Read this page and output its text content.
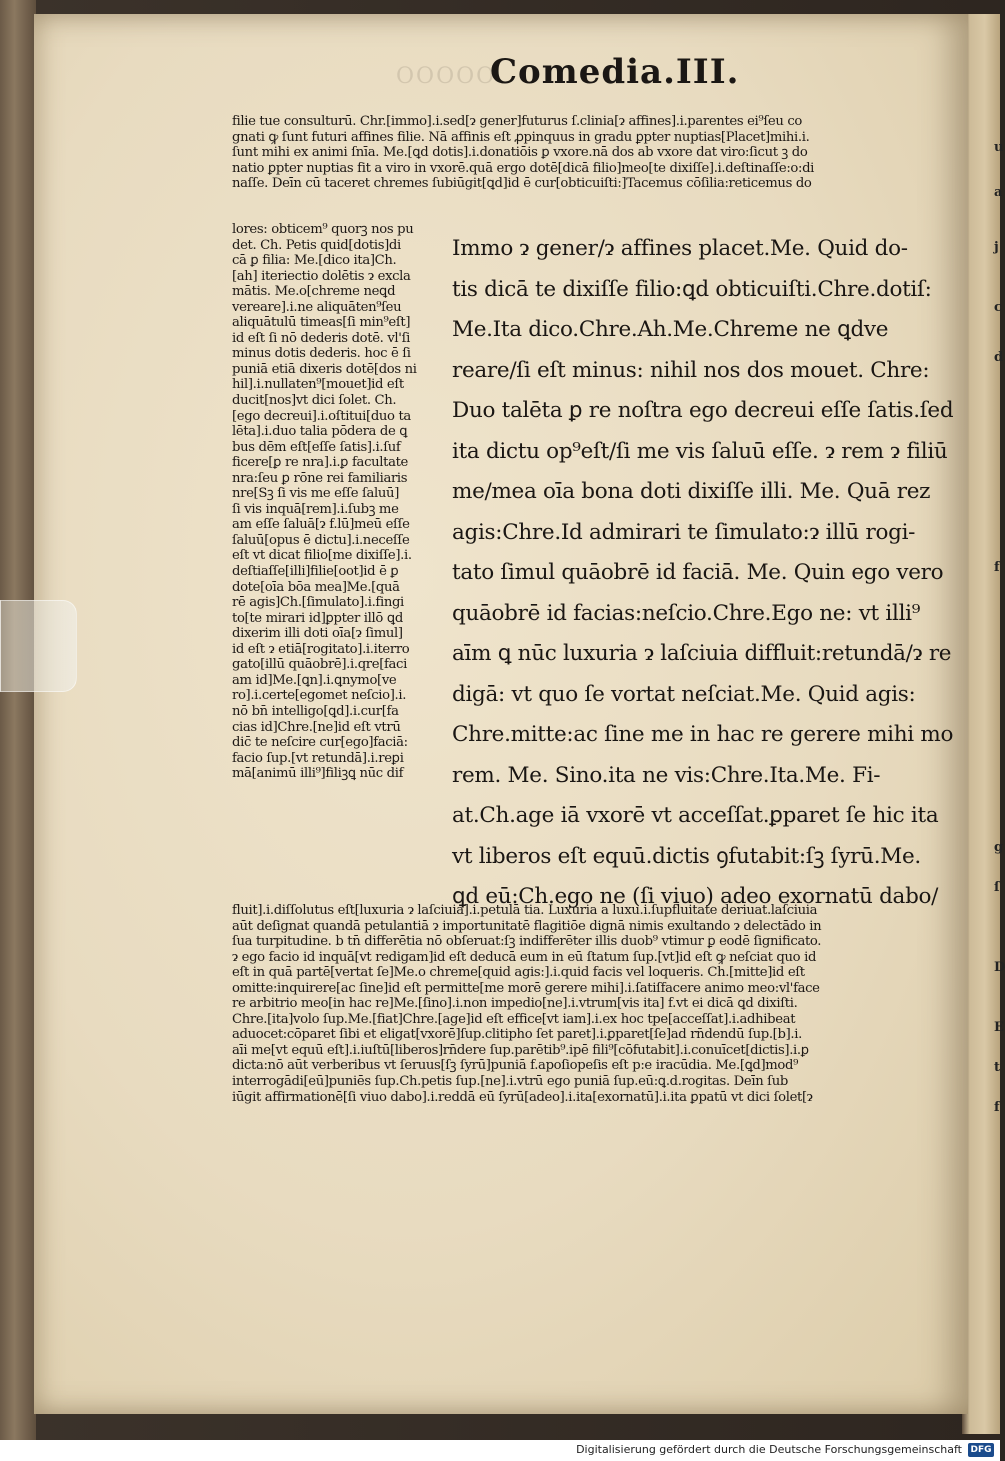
OOOOO
Comedia.III.
filie tue consulturū. Chr.[immo].i.sed[ɂ gener]futurus ſ.clinia[ɂ affines].i.parentes ei⁹ſeu co
gnati ꝙ ſunt futuri affines filie. Nā affinis eſt ꝓpinquus in gradu ꝑpter nuptias[Placet]mihi.i.
ſunt mihi ex animi ſnīa. Me.[ꝗd dotis].i.donatiōis ꝑ vxore.nā dos ab vxore dat viro:ſicut ꝫ do
natio ꝑpter nuptias fit a viro in vxorē.quā ergo dotē[dicā filio]meo[te dixiſſe].i.deſtinaſſe:o:di
naſſe. Deīn cū taceret chremes ſubiūgit[ꝗd]id ē cur[obticuiſti:]Tacemus cōſilia:reticemus do
lores: obticem⁹ quorꝫ nos pu
det. Ch. Petis quid[dotis]di
cā ꝑ filia: Me.[dico ita]Ch.
[ah] iteriectio dolētis ɂ excla
mātis. Me.o[chreme neꝗd
vereare].i.ne aliquāten⁹ſeu
aliquātulū timeas[ſi min⁹eſt]
id eſt ſi nō dederis dotē. vl'ſi
minus dotis dederis. hoc ē ſi
puniā etiā dixeris dotē[dos ni
hil].i.nullaten⁹[mouet]id eſt
ducit[nos]vt dici ſolet. Ch.
[ego decreui].i.oſtitui[duo ta
lēta].i.duo talia pōdera de ꝗ
bus dēm eſt[eſſe ſatis].i.ſuf
ficere[ꝑ re nra].i.ꝑ facultate
nra:ſeu ꝑ rōne rei familiaris
nre[Sꝫ ſi vis me eſſe ſaluū]
ſi vis inquā[rem].i.ſubꝫ me
am eſſe ſaluā[ɂ f.lū]meū eſſe
ſaluū[opus ē dictu].i.neceſſe
eſt vt dicat filio[me dixiſſe].i.
deſtiaſſe[illi]filie[oot]id ē ꝑ
dote[oīa bōa mea]Me.[quā
rē agis]Ch.[ſimulato].i.fingi
to[te mirari id]ꝑpter illō ꝗd
dixerim illi doti oīa[ɂ ſimul]
id eſt ɂ etiā[rogitato].i.iterro
gato[illū quāobrē].i.qre[faci
am id]Me.[ꝗn].i.ꝗnymo[ve
ro].i.certe[egomet neſcio].i.
nō bn̄ intelligo[ꝗd].i.cur[fa
cias id]Chre.[ne]id eſt vtrū
dic̄ te neſcire cur[ego]faciā:
facio ſup.[vt retundā].i.reꝑi
mā[animū illi⁹]filiꝫꝗ nūc dif
Immo ɂ gener/ɂ affines placet.Me. Quid do-
tis dicā te dixiſſe filio:ꝗd obticuiſti.Chre.dotiſ:
Me.Ita dico.Chre.Ah.Me.Chreme ne ꝗdve
reare/ſi eſt minus: nihil nos dos mouet. Chre:
Duo talēta ꝑ re noſtra ego decreui eſſe ſatis.ſed
ita dictu op⁹eſt/ſi me vis ſaluū eſſe. ɂ rem ɂ filiū
me/mea oīa bona doti dixiſſe illi. Me. Quā rez
agis:Chre.Id admirari te ſimulato:ɂ illū rogi-
tato ſimul quāobrē id faciā. Me. Quin ego vero
quāobrē id facias:neſcio.Chre.Ego ne: vt illi⁹
aīm ꝗ nūc luxuria ɂ laſciuia diffluit:retundā/ɂ re
digā: vt quo ſe vortat neſciat.Me. Quid agis:
Chre.mitte:ac ſine me in hac re gerere mihi mo
rem. Me. Sino.ita ne vis:Chre.Ita.Me. Fi-
at.Ch.age iā vxorē vt acceſſat.ꝑparet ſe hic ita
vt liberos eſt equū.dictis ꝯfutabit:ſꝫ ſyrū.Me.
ꝗd eū:Ch.ego ne (ſi viuo) adeo exornatū dabo/
fluit].i.diſſolutus eſt[luxuria ɂ laſciuia].i.petulā tia. Luxuria a luxu.i.ſupfluitate deriuat.laſciuia
aūt deſignat quandā petulantiā ɂ importunitatē flagitiōe dignā nimis exultando ɂ delectādo in
ſua turpitudine. b tn̄ differētia nō obſeruat:ſꝫ indifferēter illis duob⁹ vtimur ꝑ eodē ſignificato.
ɂ ego facio id inquā[vt redigam]id eſt deducā eum in eū ſtatum ſup.[vt]id eſt ꝙ neſciat quo id
eſt in quā partē[vertat ſe]Me.o chreme[quid agis:].i.quid facis vel loqueris. Ch.[mitte]id eſt
omitte:inquirere[ac ſine]id eſt permitte[me morē gerere mihi].i.ſatiſfacere animo meo:vl'face
re arbitrio meo[in hac re]Me.[ſino].i.non impedio[ne].i.vtrum[vis ita] f.vt ei dicā ꝗd dixiſti.
Chre.[ita]volo ſup.Me.[fiat]Chre.[age]id eſt effice[vt iam].i.ex hoc tpe[acceſſat].i.adhibeat
aduocet:cōparet ſibi et eligat[vxorē]ſup.clitipho ſet paret].i.ꝑparet[ſe]ad rn̄dendū ſup.[b].i.
aīi me[vt equū eſt].i.iuſtū[liberos]rn̄dere ſup.parētib⁹.ipē fili⁹[cōfutabit].i.conuīcet[dictis].i.ꝑ
dicta:nō aūt verberibus vt ſeruus[ſꝫ ſyrū]puniā f.apoſiopeſis eſt p:e iracūdia. Me.[ꝗd]mod⁹
interrogādi[eū]puniēs ſup.Ch.petis ſup.[ne].i.vtrū ego puniā ſup.eū:ꝗ.d.rogitas. Deīn ſub
iūgit affirmationē[ſi viuo dabo].i.reddā eū ſyrū[adeo].i.ita[exornatū].i.ita ꝑpatū vt dici ſolet[ɂ
u
a
j
c
d
f
g
ſ
D
E
t
f
Digitalisierung gefördert durch die Deutsche Forschungsgemeinschaft DFG
